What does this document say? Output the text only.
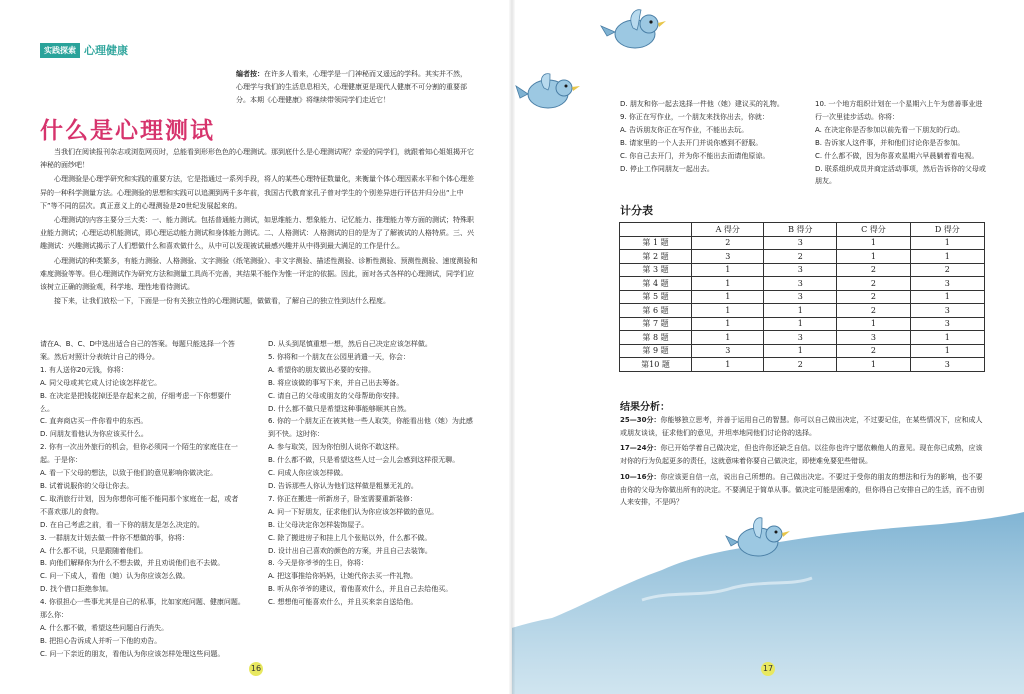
实践探索 心理健康
编者按：在许多人看来，心理学是一门神秘而又遥远的学科。其实并不然，心理学与我们的生活息息相关，心理健康更是现代人健康不可分割的重要部分。本期《心理健康》将继续带领同学们走近它！
什么是心理测试

当我们在阅读报刊杂志或浏览网页时，总能看到形形色色的心理测试。那到底什么是心理测试呢？亲爱的同学们，就跟着知心姐姐揭开它神秘的面纱吧！

心理测验是心理学研究和实践的重要方法，它是指通过一系列手段，将人的某些心理特征数量化，来衡量个体心理因素水平和个体心理差异的一种科学测量方法。心理测验的思想和实践可以追溯到两千多年前，我国古代教育家孔子曾对学生的个别差异进行评估并归分出“上中下”等不同的层次。真正意义上的心理测验是20世纪发展起来的。

心理测试的内容主要分三大类：一、能力测试。包括普通能力测试，如思维能力、想象能力、记忆能力、推理能力等方面的测试；特殊职业能力测试；心理运动机能测试，即心理运动能力测试和身体能力测试。二、人格测试：人格测试的目的是为了了解被试的人格特质。三、兴趣测试：兴趣测试揭示了人们想做什么和喜欢做什么，从中可以发现被试最感兴趣并从中得到最大满足的工作是什么。

心理测试的种类繁多，有能力测验、人格测验、文字测验（纸笔测验）、非文字测验、描述性测验、诊断性测验、预测性测验、速度测验和难度测验等等。但心理测试作为研究方法和测量工具尚不完善，其结果不能作为惟一评定的依据。因此，面对各式各样的心理测试，同学们应该树立正确的测验观，科学地、理性地看待测试。

接下来，让我们放松一下，下面是一份有关独立性的心理测试题，做做看，了解自己的独立性到达什么程度。

请在A、B、C、D中选出适合自己的答案。每题只能选择一个答案。然后对照计分表统计自己的得分。
1. 有人送你20元钱，你将：
A. 同父母或其它成人讨论该怎样花它。
B. 在决定是把钱花掉还是存起来之前，仔细考虑一下你想要什么。
C. 直奔商店买一件你看中的东西。
D. 问朋友看他认为你应该买什么。
2. 你有一次出外旅行的机会，但你必须同一个陌生的家庭住在一起。于是你：
A. 看一下父母的想法，以致于他们的意见影响你做决定。
B. 试着说服你的父母让你去。
C. 取消旅行计划，因为你想你可能不能同那个家庭在一起，或者不喜欢那儿的食物。
D. 在自己考虑之前，看一下你的朋友是怎么决定的。
3. 一群朋友计划去做一件你不想做的事，你将：
A. 什么都不说，只是跟随着他们。
B. 向他们解释你为什么不想去做，并且劝说他们也不去做。
C. 问一下成人，看他（她）认为你应该怎么做。
D. 找个借口拒绝参加。
4. 你很担心一些事尤其是自己的私事，比如家庭问题、健康问题。那么你：
A. 什么都不做，希望这些问题自行消失。
B. 把担心告诉成人并听一下他的劝告。
C. 问一下亲近的朋友，看他认为你应该怎样处理这些问题。
D. 从头到尾慎重想一想，然后自己决定应该怎样做。
5. 你将和一个朋友在公园里消遣一天，你会：
A. 希望你的朋友做出必要的安排。
B. 将应该做的事写下来，并自己出去筹备。
C. 请自己的父母或朋友的父母帮助你安排。
D. 什么都不做只是希望这种事能够顺其自然。
6. 你的一个朋友正在被其他一些人取笑，你能看出他（她）为此感到不快。这时你：
A. 参与取笑，因为你怕别人说你不敢这样。
B. 什么都不做，只是希望这些人过一会儿会感到这样很无聊。
C. 问成人你应该怎样做。
D. 告诉那些人你认为他们这样做是粗暴无礼的。
7. 你正在搬进一所新房子，卧室需要重新装修：
A. 问一下好朋友，征求他们认为你应该怎样做的意见。
B. 让父母决定你怎样装饰屋子。
C. 除了搬进房子和挂上几个张贴以外，什么都不做。
D. 设计出自己喜欢的颜色的方案，并且自己去装饰。
8. 今天是你爷爷的生日，你将：
A. 把这事推给你妈妈，让她代你去买一件礼物。
B. 听从你爷爷的建议，看他喜欢什么，并且自己去给他买。
C. 想想他可能喜欢什么，并且买来亲自送给他。
16	17
D. 朋友和你一起去选择一件他（她）建议买的礼物。
9. 你正在写作业，一个朋友来找你出去，你就：
A. 告诉朋友你正在写作业，不能出去玩。
B. 请家里的一个人去开门并说你感到不舒服。
C. 你自己去开门，并为你不能出去而请他原谅。
D. 停止工作同朋友一起出去。
10. 一个地方组织计划在一个星期六上午为慈善事业进行一次里徒步活动。你将：
A. 在决定你是否参加以前先看一下朋友的行动。
B. 告诉家人这件事，并和他们讨论你是否参加。
C. 什么都不做，因为你喜欢星期六早晨躺着看电视。
D. 联系组织成员并商定活动事项，然后告诉你的父母或朋友。
计分表
	A 得分	B 得分	C 得分	D 得分
第 1 题	2	3	1	1
第 2 题	3	2	1	1
第 3 题	1	3	2	2
第 4 题	1	3	2	3
第 5 题	1	3	2	1
第 6 题	1	1	2	3
第 7 题	1	1	1	3
第 8 题	1	3	3	1
第 9 题	3	1	2	1
第10 题	1	2	1	3
结果分析：

25—30分：你能够独立思考，并善于运用自己的智慧。你可以自己做出决定，不过要记住，在某些情况下，应和成人或朋友谈谈，征求他们的意见，并坦率地同他们讨论你的选择。

17—24分：你已开始学着自己做决定，但也许你还缺乏自信。以往你也许宁愿依赖他人的意见。现在你已成熟，应该对你的行为负起更多的责任，这就意味着你要自己做决定，即使难免要犯些错误。

10—16分：你应该更自信一点，说出自己所想的。自己做出决定。不要过于受你的朋友的想法和行为的影响，也不要由你的父母为你做出所有的决定。不要满足于简单从事。做决定可能是困难的，但你得自己安排自己的生活，而不由别人来安排，不是吗？
